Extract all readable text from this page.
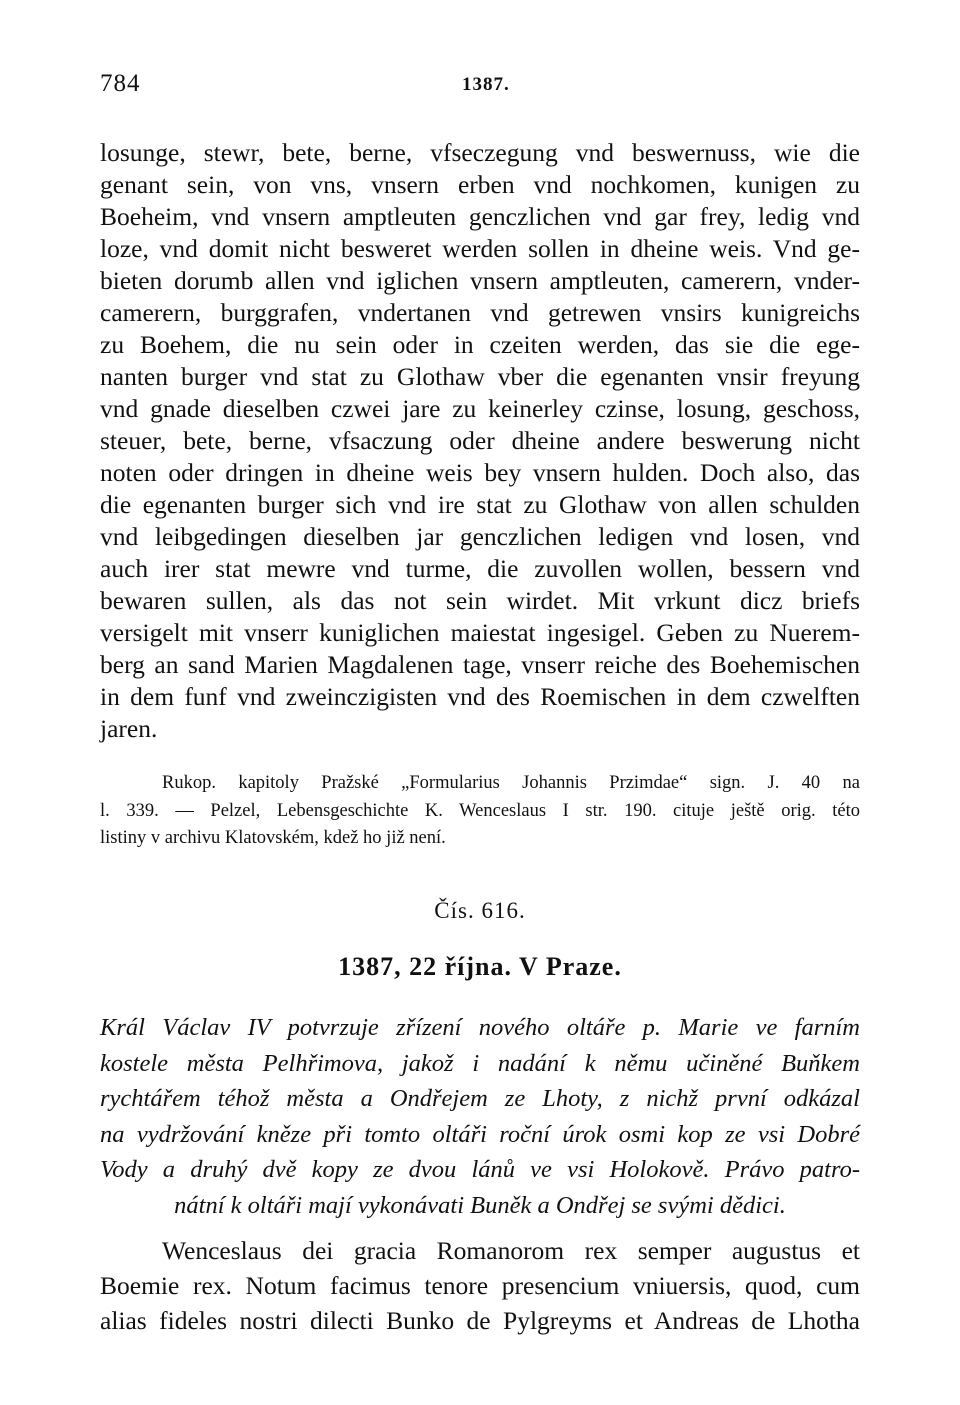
784	1387.
losunge, stewr, bete, berne, vfseczegung vnd beswernuss, wie die
genant sein, von vns, vnsern erben vnd nochkomen, kunigen zu
Boeheim, vnd vnsern amptleuten genczlichen vnd gar frey, ledig vnd
loze, vnd domit nicht besweret werden sollen in dheine weis. Vnd ge-
bieten dorumb allen vnd iglichen vnsern amptleuten, camerern, vnder-
camerern, burggrafen, vndertanen vnd getrewen vnsirs kunigreichs
zu Boehem, die nu sein oder in czeiten werden, das sie die ege-
nanten burger vnd stat zu Glothaw vber die egenanten vnsir freyung
vnd gnade dieselben czwei jare zu keinerley czinse, losung, geschoss,
steuer, bete, berne, vfsaczung oder dheine andere beswerung nicht
noten oder dringen in dheine weis bey vnsern hulden. Doch also, das
die egenanten burger sich vnd ire stat zu Glothaw von allen schulden
vnd leibgedingen dieselben jar genczlichen ledigen vnd losen, vnd
auch irer stat mewre vnd turme, die zuvollen wollen, bessern vnd
bewaren sullen, als das not sein wirdet. Mit vrkunt dicz briefs
versigelt mit vnserr kuniglichen maiestat ingesigel. Geben zu Nuerem-
berg an sand Marien Magdalenen tage, vnserr reiche des Boehemischen
in dem funf vnd zweinczigisten vnd des Roemischen in dem czwelften
jaren.
Rukop. kapitoly Pražské „Formularius Johannis Przimdae“ sign. J. 40 na
l. 339. — Pelzel, Lebensgeschichte K. Wenceslaus I str. 190. cituje ještě orig. této
listiny v archivu Klatovském, kdež ho již není.
Čís. 616.
1387, 22 října. V Praze.
Král Václav IV potvrzuje zřízení nového oltáře p. Marie ve farním
kostele města Pelhřimova, jakož i nadání k němu učiněné Buňkem
rychtářem téhož města a Ondřejem ze Lhoty, z nichž první odkázal
na vydržování kněze při tomto oltáři roční úrok osmi kop ze vsi Dobré
Vody a druhý dvě kopy ze dvou lánů ve vsi Holokově. Právo patro-
nátní k oltáři mají vykonávati Buněk a Ondřej se svými dědici.
Wenceslaus dei gracia Romanorom rex semper augustus et
Boemie rex. Notum facimus tenore presencium vniuersis, quod, cum
alias fideles nostri dilecti Bunko de Pylgreyms et Andreas de Lhotha
